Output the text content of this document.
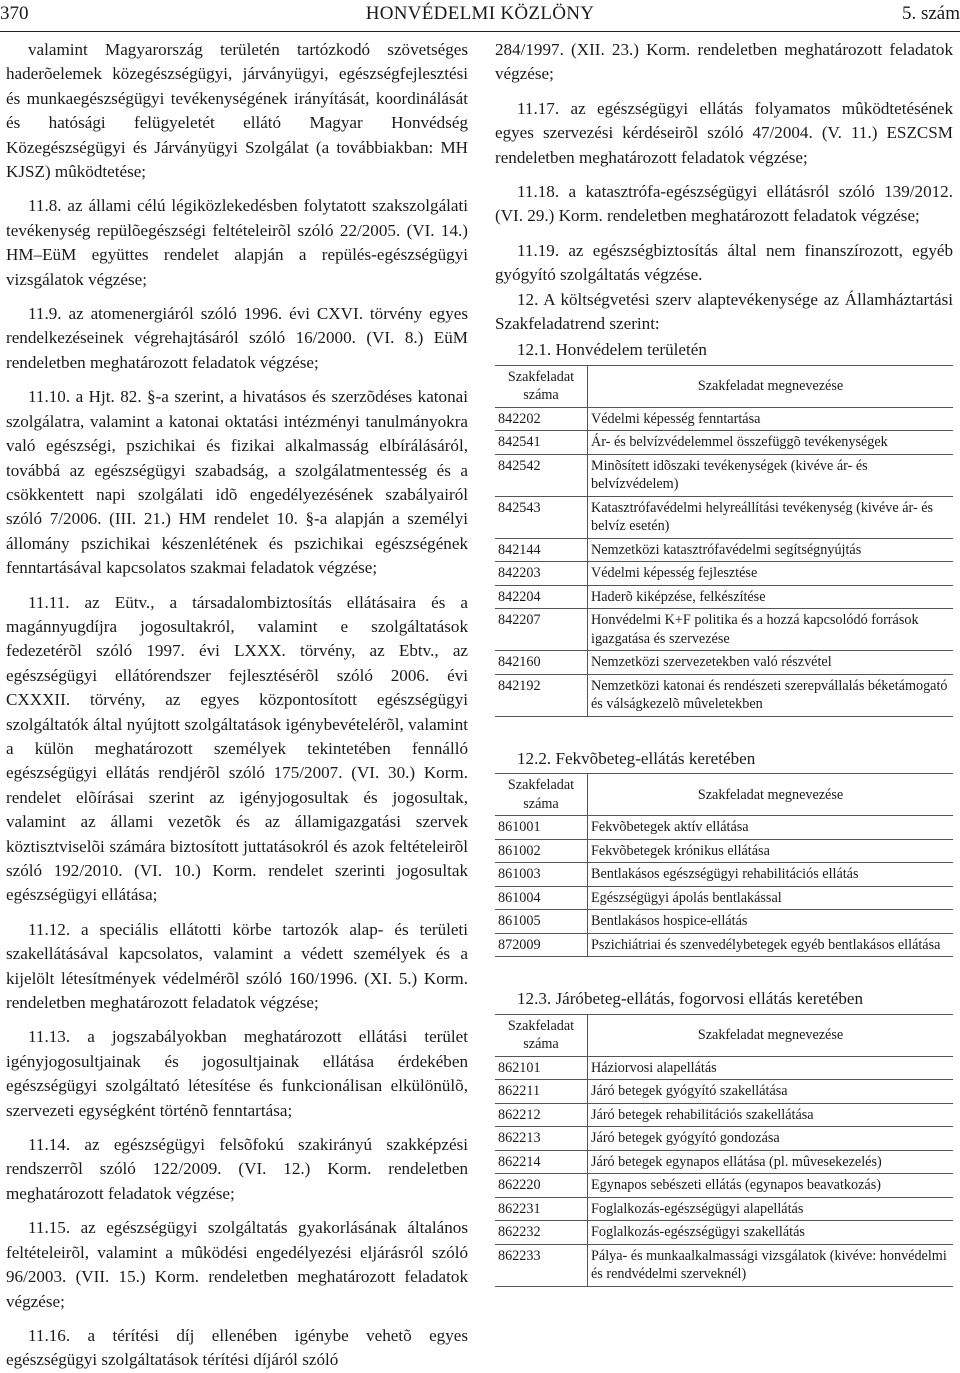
370	HONVÉDELMI KÖZLÖNY	5. szám

valamint Magyarország területén tartózkodó szövetséges haderõelemek közegészségügyi, járványügyi, egészségfejlesztési és munkaegészségügyi tevékenységének irányítását, koordinálását és hatósági felügyeletét ellátó Magyar Honvédség Közegészségügyi és Járványügyi Szolgálat (a továbbiakban: MH KJSZ) mûködtetése;

11.8. az állami célú légiközlekedésben folytatott szakszolgálati tevékenység repülõegészségi feltételeirõl szóló 22/2005. (VI. 14.) HM–EüM együttes rendelet alapján a repülés-egészségügyi vizsgálatok végzése;

11.9. az atomenergiáról szóló 1996. évi CXVI. törvény egyes rendelkezéseinek végrehajtásáról szóló 16/2000. (VI. 8.) EüM rendeletben meghatározott feladatok végzése;

11.10. a Hjt. 82. §-a szerint, a hivatásos és szerzõdéses katonai szolgálatra, valamint a katonai oktatási intézményi tanulmányokra való egészségi, pszichikai és fizikai alkalmasság elbírálásáról, továbbá az egészségügyi szabadság, a szolgálatmentesség és a csökkentett napi szolgálati idõ engedélyezésének szabályairól szóló 7/2006. (III. 21.) HM rendelet 10. §-a alapján a személyi állomány pszichikai készenlétének és pszichikai egészségének fenntartásával kapcsolatos szakmai feladatok végzése;

11.11. az Eütv., a társadalombiztosítás ellátásaira és a magánnyugdíjra jogosultakról, valamint e szolgáltatások fedezetérõl szóló 1997. évi LXXX. törvény, az Ebtv., az egészségügyi ellátórendszer fejlesztésérõl szóló 2006. évi CXXXII. törvény, az egyes központosított egészségügyi szolgáltatók által nyújtott szolgáltatások igénybevételérõl, valamint a külön meghatározott személyek tekintetében fennálló egészségügyi ellátás rendjérõl szóló 175/2007. (VI. 30.) Korm. rendelet elõírásai szerint az igényjogosultak és jogosultak, valamint az állami vezetõk és az államigazgatási szervek köztisztviselõi számára biztosított juttatásokról és azok feltételeirõl szóló 192/2010. (VI. 10.) Korm. rendelet szerinti jogosultak egészségügyi ellátása;

11.12. a speciális ellátotti körbe tartozók alap- és területi szakellátásával kapcsolatos, valamint a védett személyek és a kijelölt létesítmények védelmérõl szóló 160/1996. (XI. 5.) Korm. rendeletben meghatározott feladatok végzése;

11.13. a jogszabályokban meghatározott ellátási terület igényjogosultjainak és jogosultjainak ellátása érdekében egészségügyi szolgáltató létesítése és funkcionálisan elkülönülõ, szervezeti egységként történõ fenntartása;

11.14. az egészségügyi felsõfokú szakirányú szakképzési rendszerrõl szóló 122/2009. (VI. 12.) Korm. rendeletben meghatározott feladatok végzése;

11.15. az egészségügyi szolgáltatás gyakorlásának általános feltételeirõl, valamint a mûködési engedélyezési eljárásról szóló 96/2003. (VII. 15.) Korm. rendeletben meghatározott feladatok végzése;

11.16. a térítési díj ellenében igénybe vehetõ egyes egészségügyi szolgáltatások térítési díjáról szóló

284/1997. (XII. 23.) Korm. rendeletben meghatározott feladatok végzése;

11.17. az egészségügyi ellátás folyamatos mûködtetésének egyes szervezési kérdéseirõl szóló 47/2004. (V. 11.) ESZCSM rendeletben meghatározott feladatok végzése;

11.18. a katasztrófa-egészségügyi ellátásról szóló 139/2012. (VI. 29.) Korm. rendeletben meghatározott feladatok végzése;

11.19. az egészségbiztosítás által nem finanszírozott, egyéb gyógyító szolgáltatás végzése.

12. A költségvetési szerv alaptevékenysége az Államháztartási Szakfeladatrend szerint:

12.1. Honvédelem területén
Szakfeladat száma	Szakfeladat megnevezése
842202	Védelmi képesség fenntartása
842541	Ár- és belvízvédelemmel összefüggõ tevékenységek
842542	Minõsített idõszaki tevékenységek (kivéve ár- és belvízvédelem)
842543	Katasztrófavédelmi helyreállítási tevékenység (kivéve ár- és belvíz esetén)
842144	Nemzetközi katasztrófavédelmi segítségnyújtás
842203	Védelmi képesség fejlesztése
842204	Haderõ kiképzése, felkészítése
842207	Honvédelmi K+F politika és a hozzá kapcsolódó források igazgatása és szervezése
842160	Nemzetközi szervezetekben való részvétel
842192	Nemzetközi katonai és rendészeti szerepvállalás béketámogató és válságkezelõ mûveletekben
12.2. Fekvõbeteg-ellátás keretében
Szakfeladat száma	Szakfeladat megnevezése
861001	Fekvõbetegek aktív ellátása
861002	Fekvõbetegek krónikus ellátása
861003	Bentlakásos egészségügyi rehabilitációs ellátás
861004	Egészségügyi ápolás bentlakással
861005	Bentlakásos hospice-ellátás
872009	Pszichiátriai és szenvedélybetegek egyéb bentlakásos ellátása
12.3. Járóbeteg-ellátás, fogorvosi ellátás keretében
Szakfeladat száma	Szakfeladat megnevezése
862101	Háziorvosi alapellátás
862211	Járó betegek gyógyító szakellátása
862212	Járó betegek rehabilitációs szakellátása
862213	Járó betegek gyógyító gondozása
862214	Járó betegek egynapos ellátása (pl. mûvesekezelés)
862220	Egynapos sebészeti ellátás (egynapos beavatkozás)
862231	Foglalkozás-egészségügyi alapellátás
862232	Foglalkozás-egészségügyi szakellátás
862233	Pálya- és munkaalkalmassági vizsgálatok (kivéve: honvédelmi és rendvédelmi szerveknél)
